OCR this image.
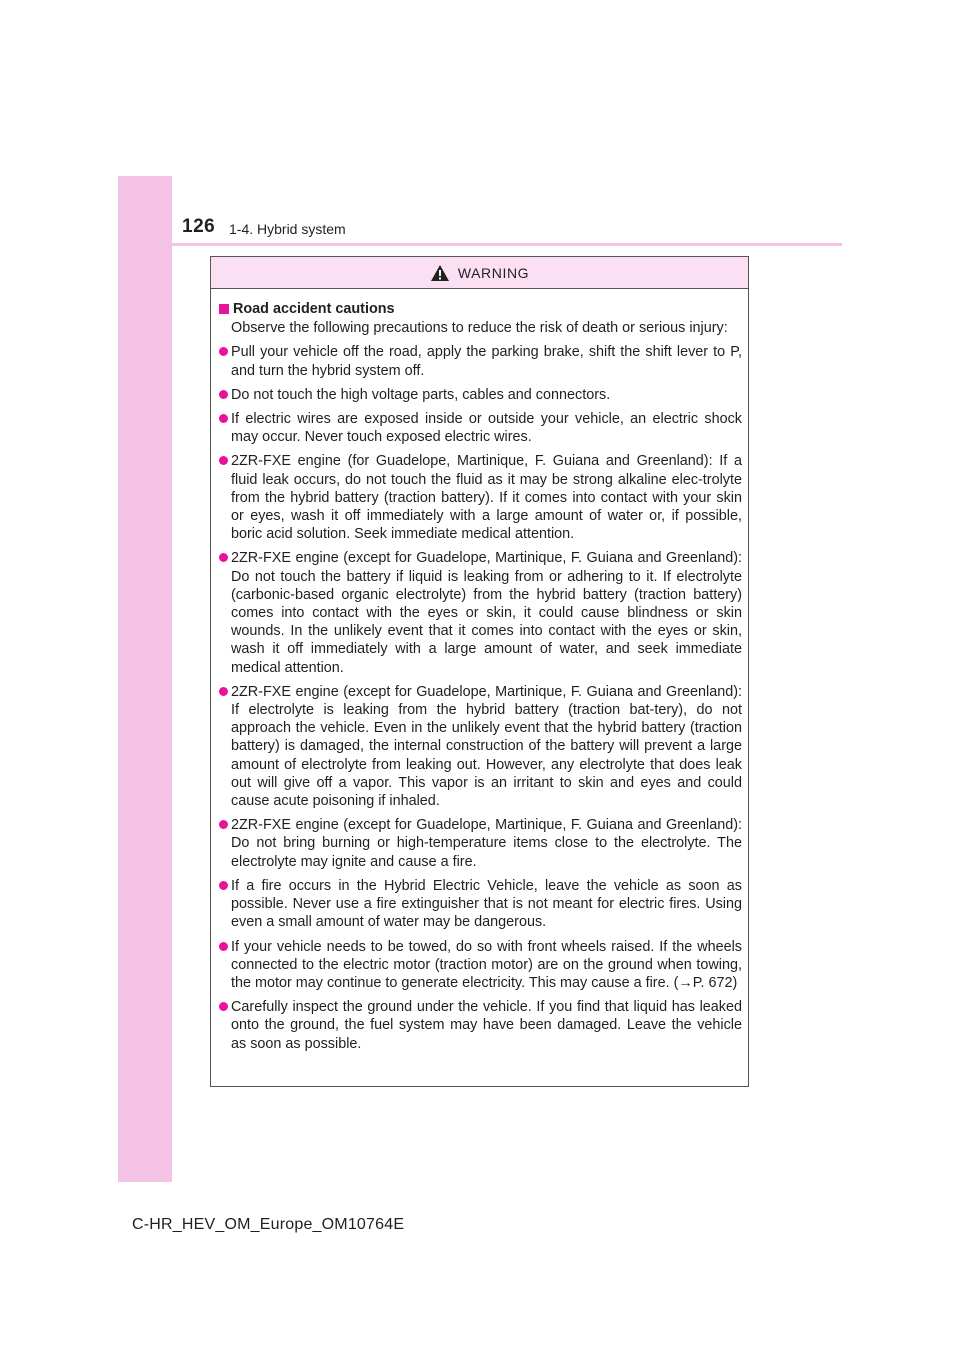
126 1-4. Hybrid system
WARNING
Road accident cautions
Observe the following precautions to reduce the risk of death or serious injury:
Pull your vehicle off the road, apply the parking brake, shift the shift lever to P, and turn the hybrid system off.
Do not touch the high voltage parts, cables and connectors.
If electric wires are exposed inside or outside your vehicle, an electric shock may occur. Never touch exposed electric wires.
2ZR-FXE engine (for Guadelope, Martinique, F. Guiana and Greenland): If a fluid leak occurs, do not touch the fluid as it may be strong alkaline elec-trolyte from the hybrid battery (traction battery). If it comes into contact with your skin or eyes, wash it off immediately with a large amount of water or, if possible, boric acid solution. Seek immediate medical attention.
2ZR-FXE engine (except for Guadelope, Martinique, F. Guiana and Greenland): Do not touch the battery if liquid is leaking from or adhering to it. If electrolyte (carbonic-based organic electrolyte) from the hybrid battery (traction battery) comes into contact with the eyes or skin, it could cause blindness or skin wounds. In the unlikely event that it comes into contact with the eyes or skin, wash it off immediately with a large amount of water, and seek immediate medical attention.
2ZR-FXE engine (except for Guadelope, Martinique, F. Guiana and Greenland): If electrolyte is leaking from the hybrid battery (traction bat-tery), do not approach the vehicle. Even in the unlikely event that the hybrid battery (traction battery) is damaged, the internal construction of the battery will prevent a large amount of electrolyte from leaking out. However, any electrolyte that does leak out will give off a vapor. This vapor is an irritant to skin and eyes and could cause acute poisoning if inhaled.
2ZR-FXE engine (except for Guadelope, Martinique, F. Guiana and Greenland): Do not bring burning or high-temperature items close to the electrolyte. The electrolyte may ignite and cause a fire.
If a fire occurs in the Hybrid Electric Vehicle, leave the vehicle as soon as possible. Never use a fire extinguisher that is not meant for electric fires. Using even a small amount of water may be dangerous.
If your vehicle needs to be towed, do so with front wheels raised. If the wheels connected to the electric motor (traction motor) are on the ground when towing, the motor may continue to generate electricity. This may cause a fire. (→P. 672)
Carefully inspect the ground under the vehicle. If you find that liquid has leaked onto the ground, the fuel system may have been damaged. Leave the vehicle as soon as possible.
C-HR_HEV_OM_Europe_OM10764E
